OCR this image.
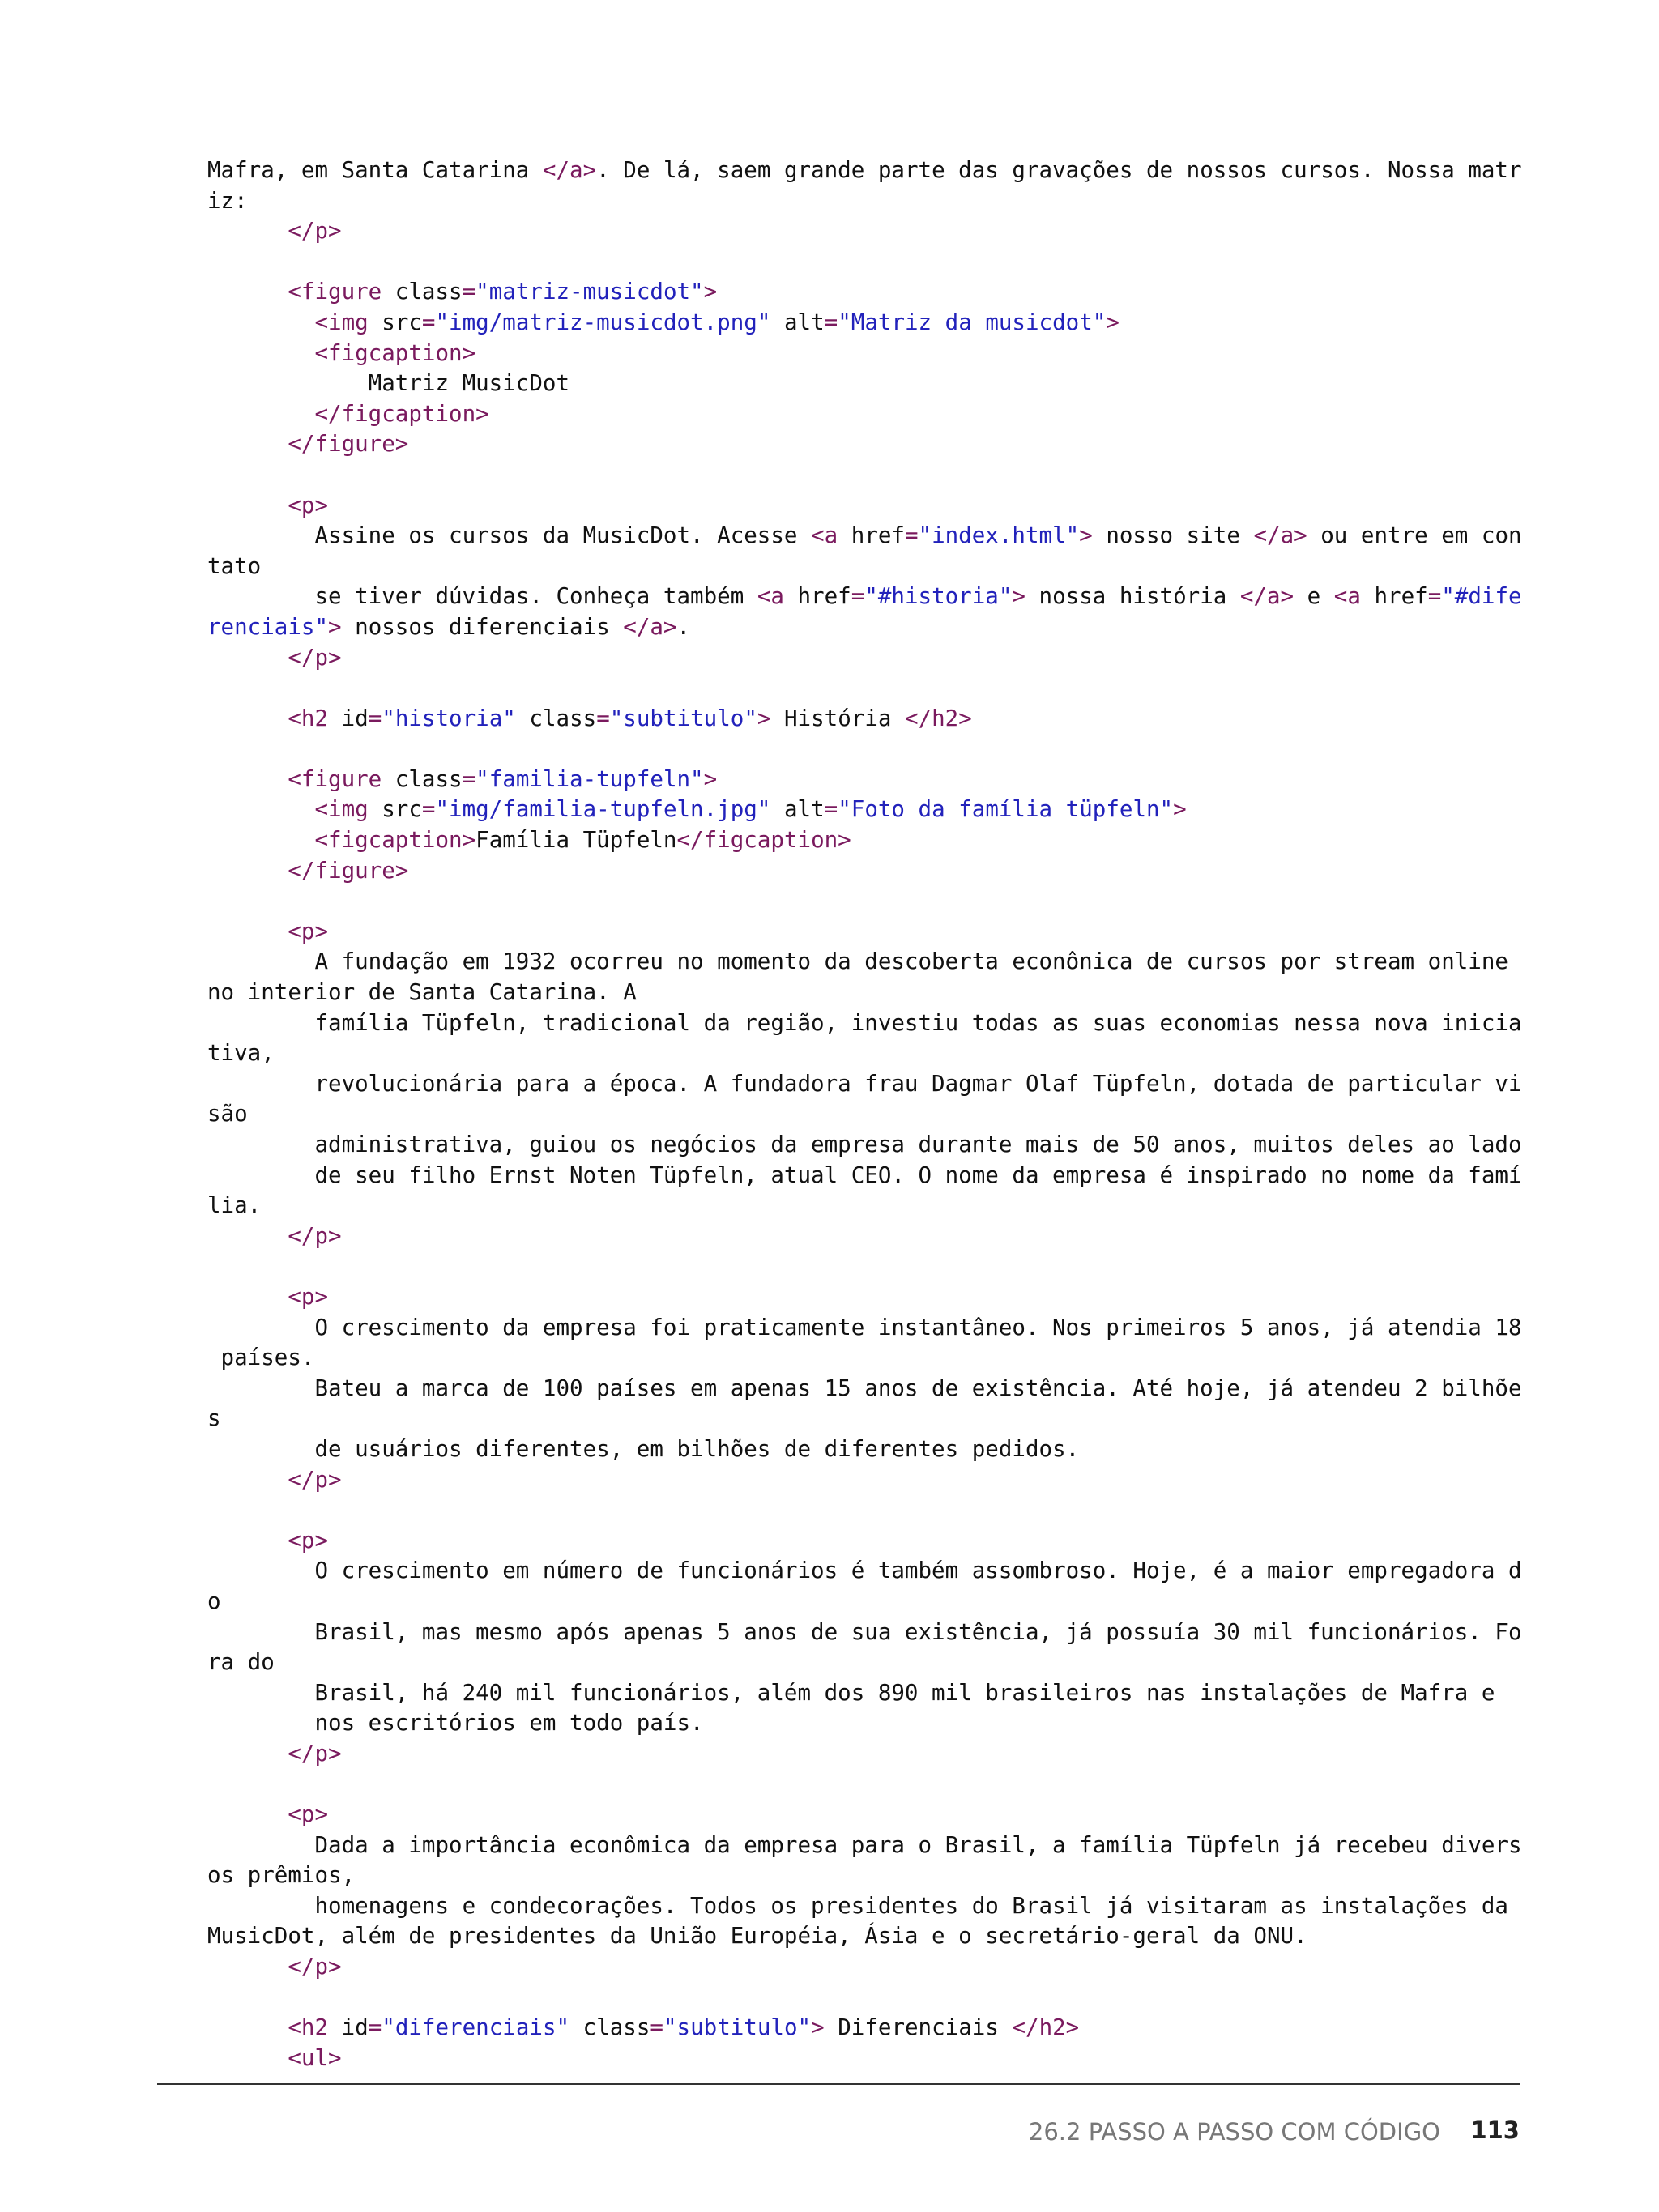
Mafra, em Santa Catarina </a>. De lá, saem grande parte das gravações de nossos cursos. Nossa matr
iz:
</p>
<figure class="matriz-musicdot">
<img src="img/matriz-musicdot.png" alt="Matriz da musicdot">
<figcaption>
Matriz MusicDot
</figcaption>
</figure>
<p>
Assine os cursos da MusicDot. Acesse <a href="index.html"> nosso site </a> ou entre em con
tato
se tiver dúvidas. Conheça também <a href="#historia"> nossa história </a> e <a href="#dife
renciais"> nossos diferenciais </a>.
</p>
<h2 id="historia" class="subtitulo"> História </h2>
<figure class="familia-tupfeln">
<img src="img/familia-tupfeln.jpg" alt="Foto da família tüpfeln">
<figcaption>Família Tüpfeln</figcaption>
</figure>
<p>
A fundação em 1932 ocorreu no momento da descoberta econônica de cursos por stream online
no interior de Santa Catarina. A
família Tüpfeln, tradicional da região, investiu todas as suas economias nessa nova inicia
tiva,
revolucionária para a época. A fundadora frau Dagmar Olaf Tüpfeln, dotada de particular vi
são
administrativa, guiou os negócios da empresa durante mais de 50 anos, muitos deles ao lado
de seu filho Ernst Noten Tüpfeln, atual CEO. O nome da empresa é inspirado no nome da famí
lia.
</p>
<p>
O crescimento da empresa foi praticamente instantâneo. Nos primeiros 5 anos, já atendia 18
países.
Bateu a marca de 100 países em apenas 15 anos de existência. Até hoje, já atendeu 2 bilhõe
s
de usuários diferentes, em bilhões de diferentes pedidos.
</p>
<p>
O crescimento em número de funcionários é também assombroso. Hoje, é a maior empregadora d
o
Brasil, mas mesmo após apenas 5 anos de sua existência, já possuía 30 mil funcionários. Fo
ra do
Brasil, há 240 mil funcionários, além dos 890 mil brasileiros nas instalações de Mafra e
nos escritórios em todo país.
</p>
<p>
Dada a importância econômica da empresa para o Brasil, a família Tüpfeln já recebeu divers
os prêmios,
homenagens e condecorações. Todos os presidentes do Brasil já visitaram as instalações da
MusicDot, além de presidentes da União Européia, Ásia e o secretário-geral da ONU.
</p>
<h2 id="diferenciais" class="subtitulo"> Diferenciais </h2>
<ul>
26.2 PASSO A PASSO COM CÓDIGO 113
